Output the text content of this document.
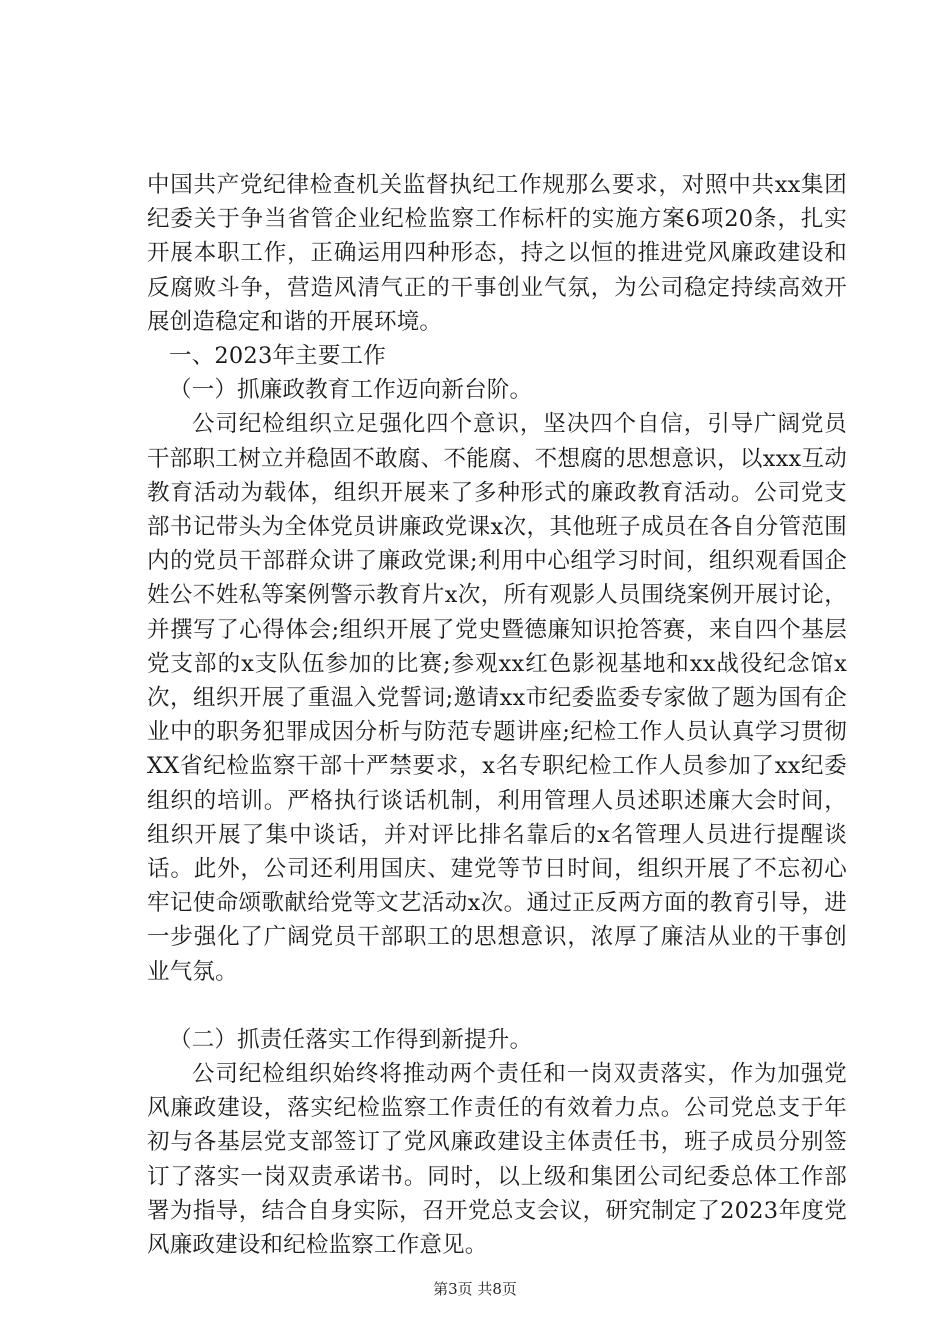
中国共产党纪律检查机关监督执纪工作规那么要求，对照中共xx集团纪委关于争当省管企业纪检监察工作标杆的实施方案6项20条，扎实开展本职工作，正确运用四种形态，持之以恒的推进党风廉政建设和反腐败斗争，营造风清气正的干事创业气氛，为公司稳定持续高效开展创造稳定和谐的开展环境。

一、2023年主要工作

（一）抓廉政教育工作迈向新台阶。

公司纪检组织立足强化四个意识，坚决四个自信，引导广阔党员干部职工树立并稳固不敢腐、不能腐、不想腐的思想意识，以xxx互动教育活动为载体，组织开展来了多种形式的廉政教育活动。公司党支部书记带头为全体党员讲廉政党课x次，其他班子成员在各自分管范围内的党员干部群众讲了廉政党课;利用中心组学习时间，组织观看国企姓公不姓私等案例警示教育片x次，所有观影人员围绕案例开展讨论，并撰写了心得体会;组织开展了党史暨德廉知识抢答赛，来自四个基层党支部的x支队伍参加的比赛;参观xx红色影视基地和xx战役纪念馆x次，组织开展了重温入党誓词;邀请xx市纪委监委专家做了题为国有企业中的职务犯罪成因分析与防范专题讲座;纪检工作人员认真学习贯彻XX省纪检监察干部十严禁要求，x名专职纪检工作人员参加了xx纪委组织的培训。严格执行谈话机制，利用管理人员述职述廉大会时间，组织开展了集中谈话，并对评比排名靠后的x名管理人员进行提醒谈话。此外，公司还利用国庆、建党等节日时间，组织开展了不忘初心牢记使命颂歌献给党等文艺活动x次。通过正反两方面的教育引导，进一步强化了广阔党员干部职工的思想意识，浓厚了廉洁从业的干事创业气氛。

（二）抓责任落实工作得到新提升。

公司纪检组织始终将推动两个责任和一岗双责落实，作为加强党风廉政建设，落实纪检监察工作责任的有效着力点。公司党总支于年初与各基层党支部签订了党风廉政建设主体责任书，班子成员分别签订了落实一岗双责承诺书。同时，以上级和集团公司纪委总体工作部署为指导，结合自身实际，召开党总支会议，研究制定了2023年度党风廉政建设和纪检监察工作意见。

第3页 共8页
